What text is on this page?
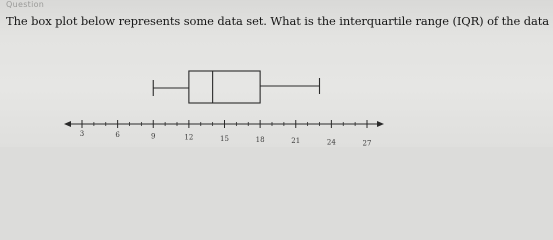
Question
The box plot below represents some data set. What is the interquartile range (IQR) of the data
3	6	9	12	15	18	21	24	27
